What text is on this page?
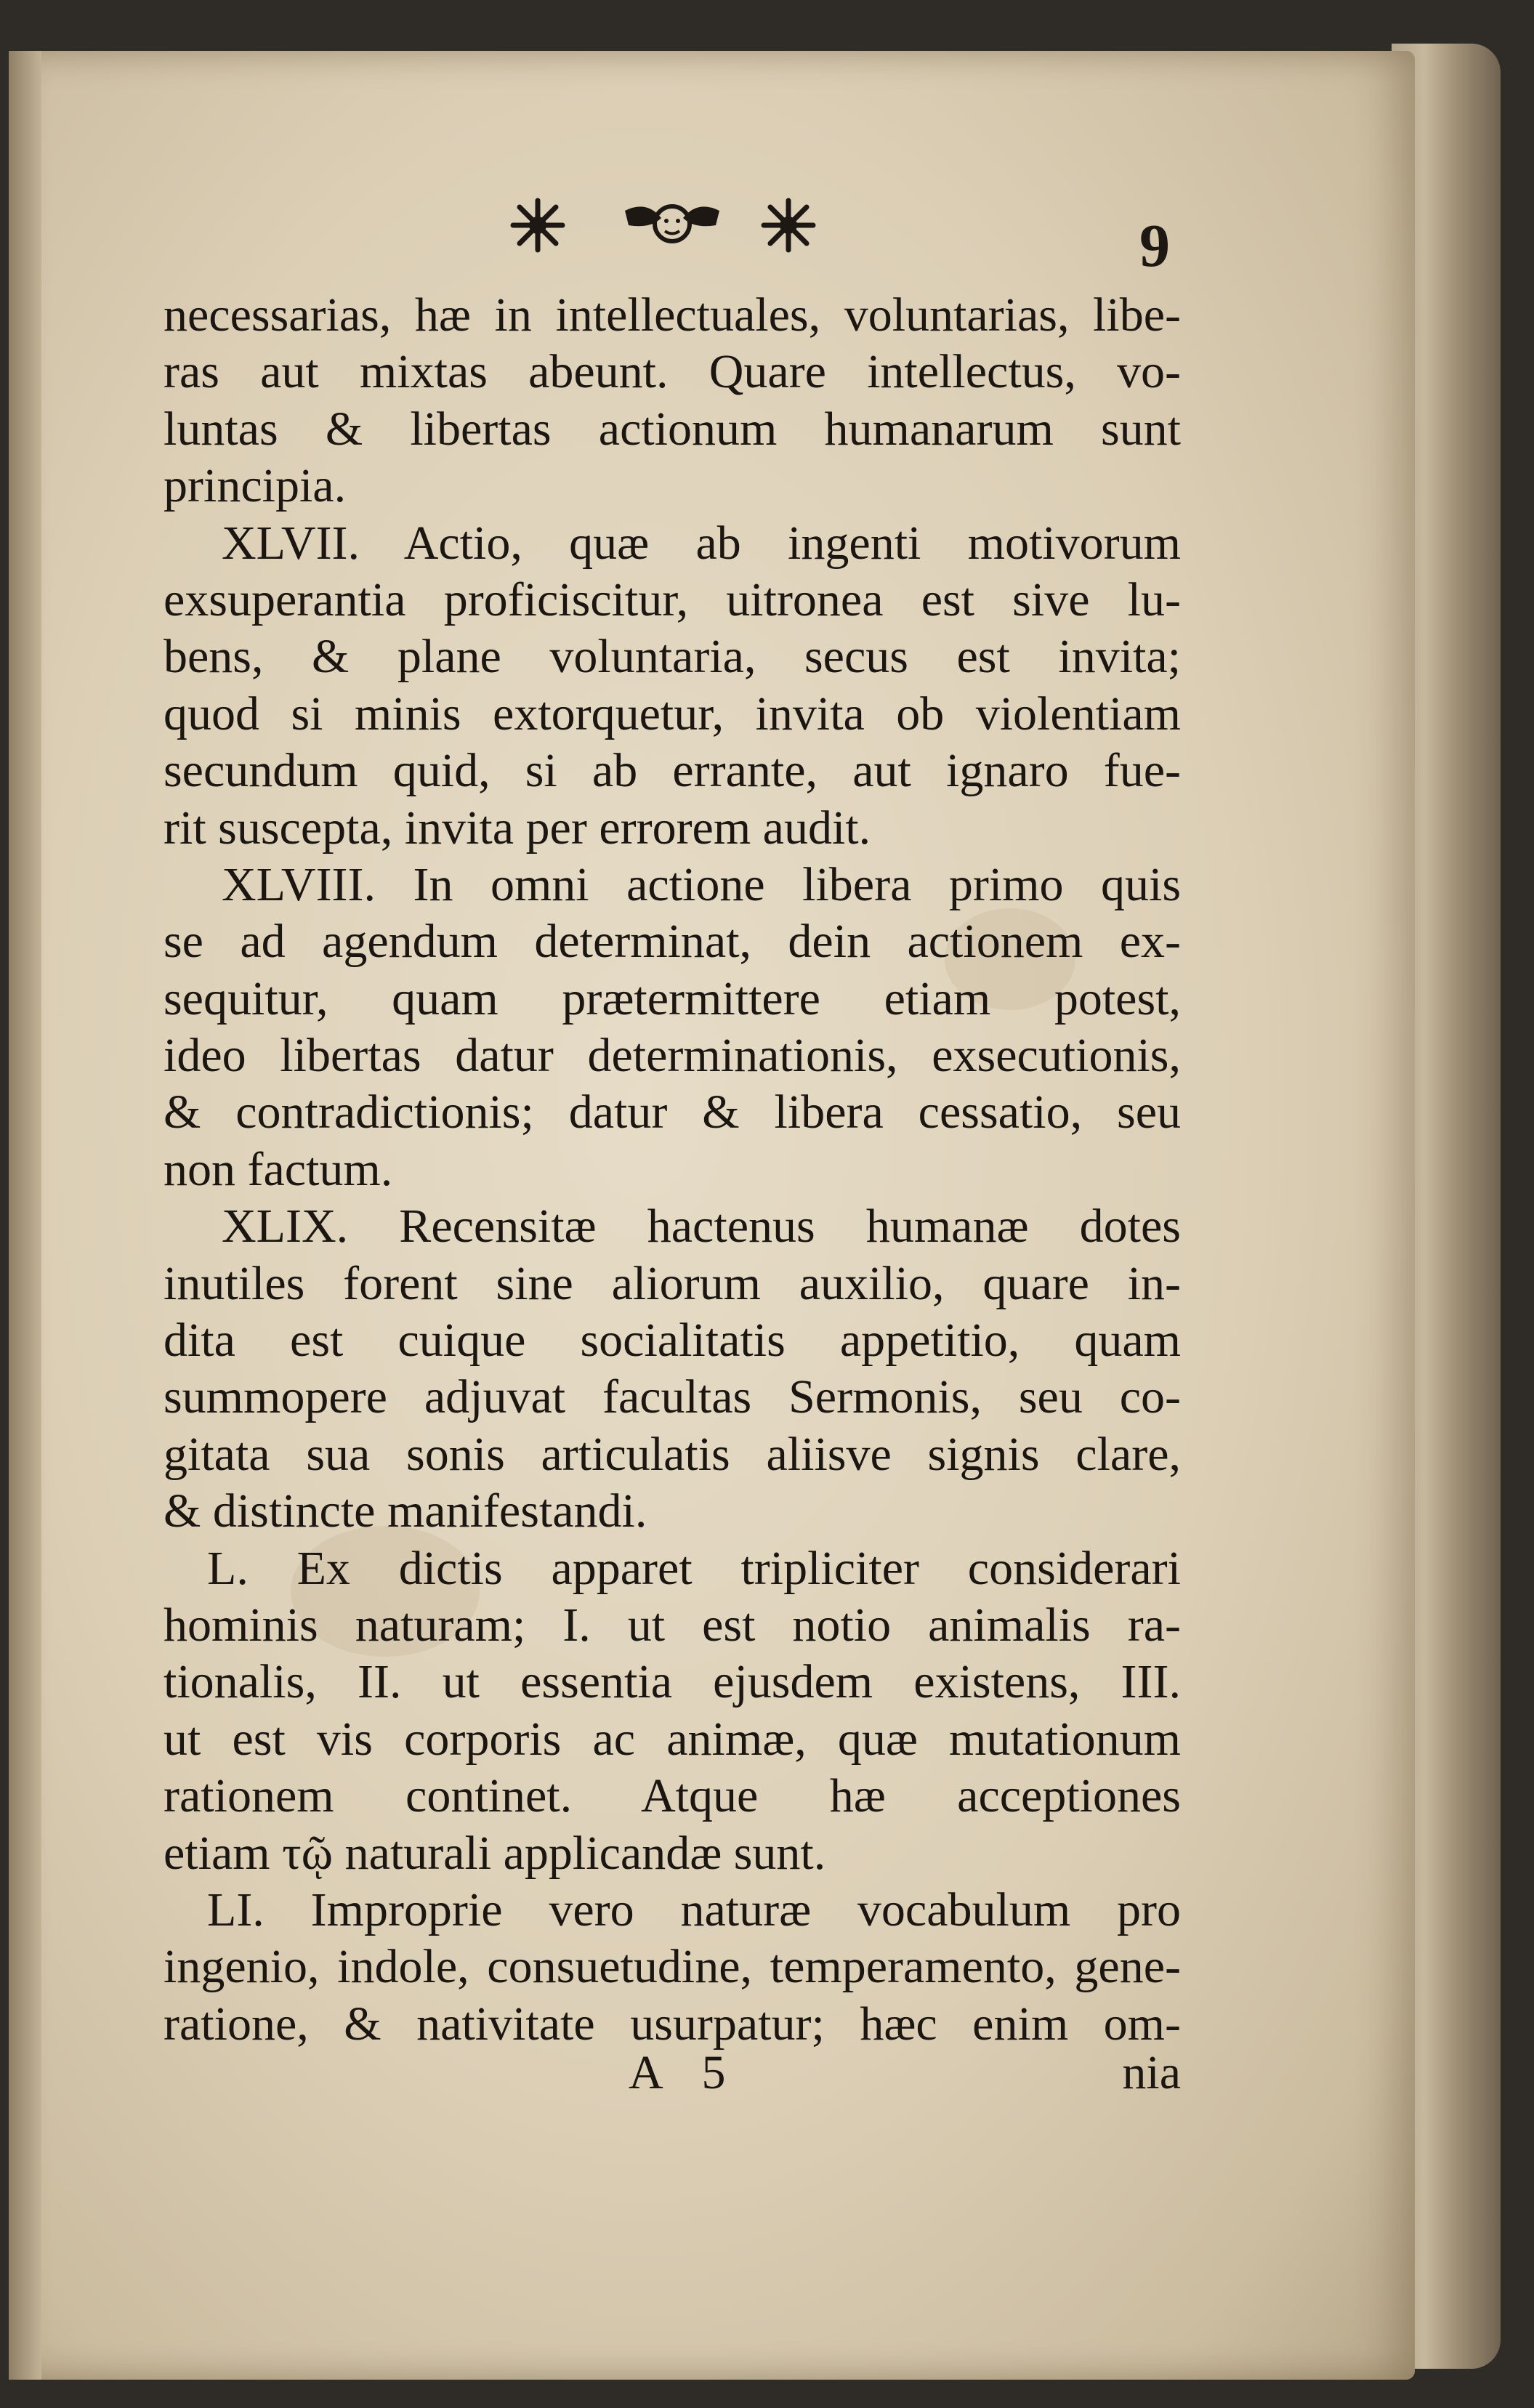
9
necessarias, hæ in intellectuales, voluntarias, libe-
ras aut mixtas abeunt. Quare intellectus, vo-
luntas & libertas actionum humanarum sunt
principia.
XLVII. Actio, quæ ab ingenti motivorum
exsuperantia proficiscitur, uitronea est sive lu-
bens, & plane voluntaria, secus est invita;
quod si minis extorquetur, invita ob violentiam
secundum quid, si ab errante, aut ignaro fue-
rit suscepta, invita per errorem audit.
XLVIII. In omni actione libera primo quis
se ad agendum determinat, dein actionem ex-
sequitur, quam prætermittere etiam potest,
ideo libertas datur determinationis, exsecutionis,
& contradictionis; datur & libera cessatio, seu
non factum.
XLIX. Recensitæ hactenus humanæ dotes
inutiles forent sine aliorum auxilio, quare in-
dita est cuique socialitatis appetitio, quam
summopere adjuvat facultas Sermonis, seu co-
gitata sua sonis articulatis aliisve signis clare,
& distincte manifestandi.
L. Ex dictis apparet tripliciter considerari
hominis naturam; I. ut est notio animalis ra-
tionalis, II. ut essentia ejusdem existens, III.
ut est vis corporis ac animæ, quæ mutationum
rationem continet. Atque hæ acceptiones
etiam τῷ naturali applicandæ sunt.
LI. Improprie vero naturæ vocabulum pro
ingenio, indole, consuetudine, temperamento, gene-
ratione, & nativitate usurpatur; hæc enim om-
A 5	nia
